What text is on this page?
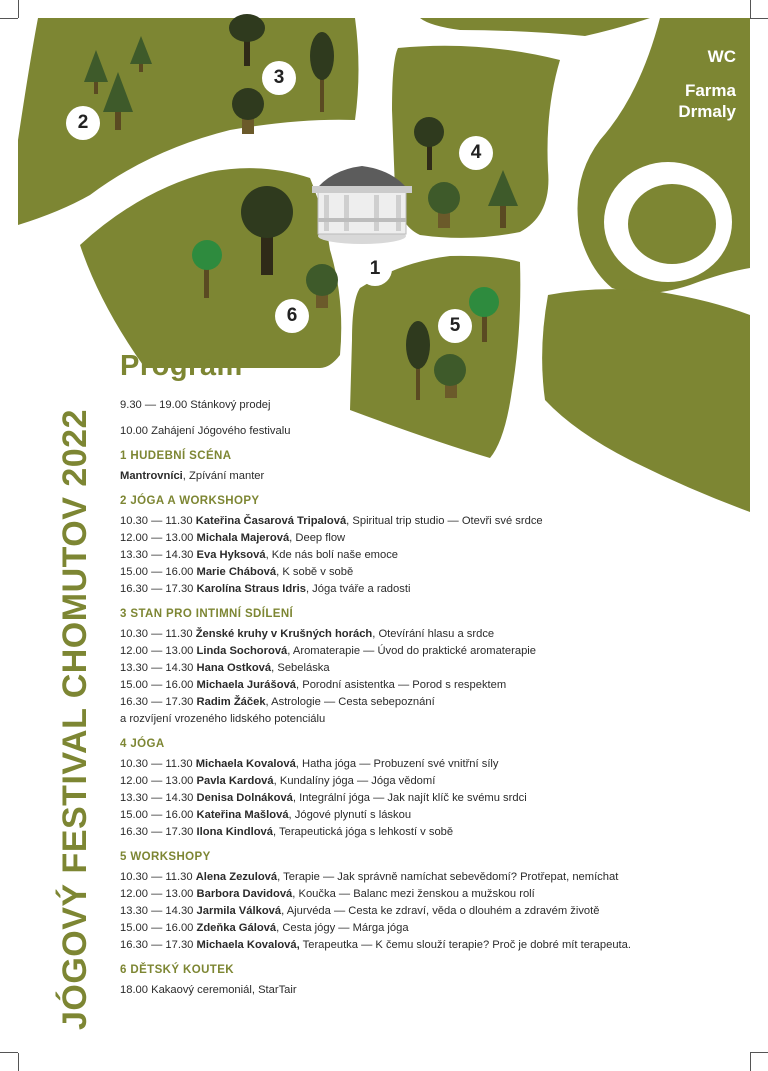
WC
Farma Drmaly
1
2
3
4
5
6
JÓGOVÝ FESTIVAL CHOMUTOV 2022
Program
9.30 — 19.00 Stánkový prodej
10.00 Zahájení Jógového festivalu
1 HUDEBNÍ SCÉNA
Mantrovníci, Zpívání manter
2 JÓGA A WORKSHOPY
10.30 — 11.30 Kateřina Časarová Tripalová, Spiritual trip studio — Otevři své srdce
12.00 — 13.00 Michala Majerová, Deep flow
13.30 — 14.30 Eva Hyksová, Kde nás bolí naše emoce
15.00 — 16.00 Marie Chábová, K sobě v sobě
16.30 — 17.30 Karolína Straus Idris, Jóga tváře a radosti
3 STAN PRO INTIMNÍ SDÍLENÍ
10.30 — 11.30 Ženské kruhy v Krušných horách, Otevírání hlasu a srdce
12.00 — 13.00 Linda Sochorová, Aromaterapie — Úvod do praktické aromaterapie
13.30 — 14.30 Hana Ostková, Sebeláska
15.00 — 16.00 Michaela Jurášová, Porodní asistentka — Porod s respektem
16.30 — 17.30 Radim Žáček, Astrologie — Cesta sebepoznání
a rozvíjení vrozeného lidského potenciálu
4 JÓGA
10.30 — 11.30 Michaela Kovalová, Hatha jóga — Probuzení své vnitřní síly
12.00 — 13.00 Pavla Kardová, Kundalíny jóga — Jóga vědomí
13.30 — 14.30 Denisa Dolnáková, Integrální jóga — Jak najít klíč ke svému srdci
15.00 — 16.00 Kateřina Mašlová, Jógové plynutí s láskou
16.30 — 17.30 Ilona Kindlová, Terapeutická jóga s lehkostí v sobě
5 WORKSHOPY
10.30 — 11.30 Alena Zezulová, Terapie — Jak správně namíchat sebevědomí? Protřepat, nemíchat
12.00 — 13.00 Barbora Davidová, Koučka — Balanc mezi ženskou a mužskou rolí
13.30 — 14.30 Jarmila Válková, Ajurvéda — Cesta ke zdraví, věda o dlouhém a zdravém životě
15.00 — 16.00 Zdeňka Gálová, Cesta jógy — Márga jóga
16.30 — 17.30 Michaela Kovalová, Terapeutka — K čemu slouží terapie? Proč je dobré mít terapeuta.
6 DĚTSKÝ KOUTEK
18.00 Kakaový ceremoniál, StarTair
